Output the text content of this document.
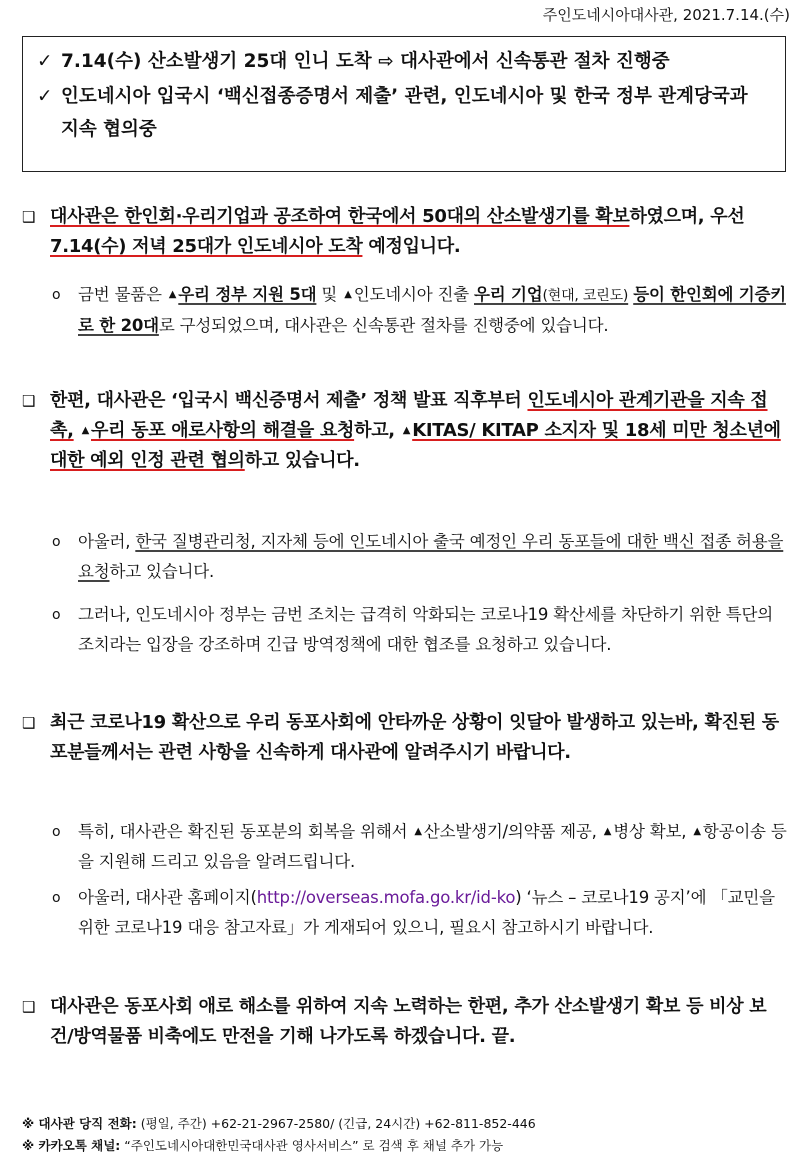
주인도네시아대사관, 2021.7.14.(수)
✓ 7.14(수) 산소발생기 25대 인니 도착 ⇨ 대사관에서 신속통관 절차 진행중
✓ 인도네시아 입국시 ‘백신접종증명서 제출’ 관련, 인도네시아 및 한국 정부 관계당국과 지속 협의중
❑ 대사관은 한인회·우리기업과 공조하여 한국에서 50대의 산소발생기를 확보하였으며, 우선 7.14(수) 저녁 25대가 인도네시아 도착 예정입니다.
ο	금번 물품은 ▲ 우리 정부 지원 5대 및 ▲ 인도네시아 진출 우리 기업(현대, 코린도) 등이 한인회에 기증키로 한 20대로 구성되었으며, 대사관은 신속통관 절차를 진행중에 있습니다.
❑ 한편, 대사관은 ‘입국시 백신증명서 제출’ 정책 발표 직후부터 인도네시아 관계기관을 지속 접촉, ▲ 우리 동포 애로사항의 해결을 요청하고, ▲ KITAS/ KITAP 소지자 및 18세 미만 청소년에 대한 예외 인정 관련 협의하고 있습니다.
ο	아울러, 한국 질병관리청, 지자체 등에 인도네시아 출국 예정인 우리 동포들에 대한 백신 접종 허용을 요청하고 있습니다.
ο	그러나, 인도네시아 정부는 금번 조치는 급격히 악화되는 코로나19 확산세를 차단하기 위한 특단의 조치라는 입장을 강조하며 긴급 방역정책에 대한 협조를 요청하고 있습니다.
❑ 최근 코로나19 확산으로 우리 동포사회에 안타까운 상황이 잇달아 발생하고 있는바, 확진된 동포분들께서는 관련 사항을 신속하게 대사관에 알려주시기 바랍니다.
ο	특히, 대사관은 확진된 동포분의 회복을 위해서 ▲ 산소발생기/의약품 제공, ▲ 병상 확보, ▲ 항공이송 등을 지원해 드리고 있음을 알려드립니다.
ο	아울러, 대사관 홈페이지(http://overseas.mofa.go.kr/id-ko) ‘뉴스 – 코로나19 공지’에 「교민을 위한 코로나19 대응 참고자료」가 게재되어 있으니, 필요시 참고하시기 바랍니다.
❑ 대사관은 동포사회 애로 해소를 위하여 지속 노력하는 한편, 추가 산소발생기 확보 등 비상 보건/방역물품 비축에도 만전을 기해 나가도록 하겠습니다. 끝.
※ 대사관 당직 전화: (평일, 주간) +62-21-2967-2580/ (긴급, 24시간) +62-811-852-446
※ 카카오톡 채널: “주인도네시아대한민국대사관 영사서비스” 로 검색 후 채널 추가 가능
